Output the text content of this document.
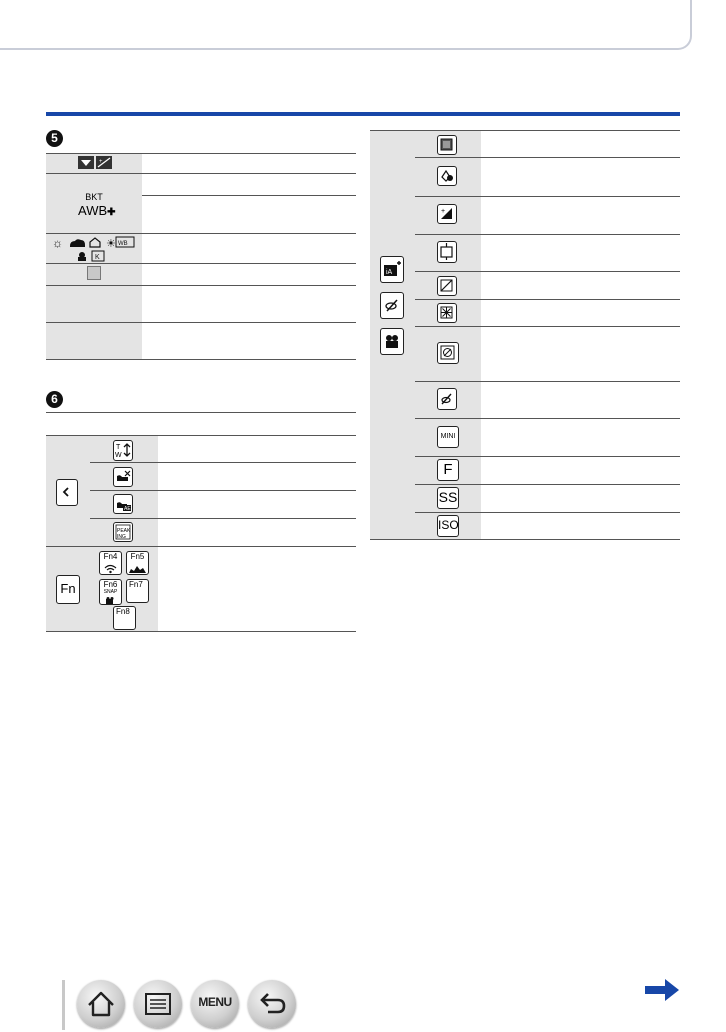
5
+
BKT
AWB✚
☼	☀ WB
K
6
T
W
AE
PEAK
ING
Fn
Fn4	Fn5
Fn6
SNAP
Fn7
Fn8
iA
+
MINI
F
SS
ISO
MENU
